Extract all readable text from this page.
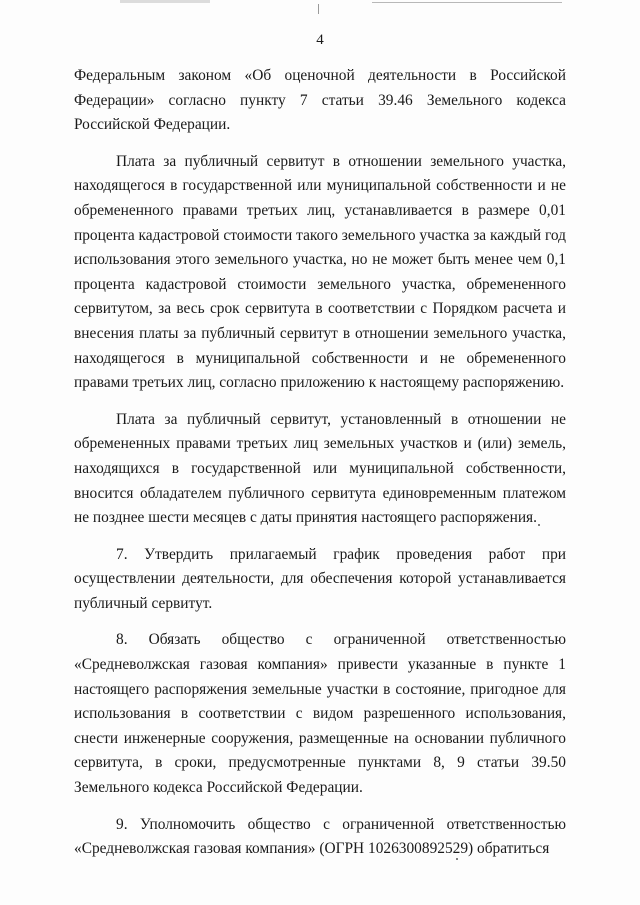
4

Федеральным законом «Об оценочной деятельности в Российской Федерации» согласно пункту 7 статьи 39.46 Земельного кодекса Российской Федерации.

Плата за публичный сервитут в отношении земельного участка, находящегося в государственной или муниципальной собственности и не обремененного правами третьих лиц, устанавливается в размере 0,01 процента кадастровой стоимости такого земельного участка за каждый год использования этого земельного участка, но не может быть менее чем 0,1 процента кадастровой стоимости земельного участка, обремененного сервитутом, за весь срок сервитута в соответствии с Порядком расчета и внесения платы за публичный сервитут в отношении земельного участка, находящегося в муниципальной собственности и не обремененного правами третьих лиц, согласно приложению к настоящему распоряжению.

Плата за публичный сервитут, установленный в отношении не обремененных правами третьих лиц земельных участков и (или) земель, находящихся в государственной или муниципальной собственности, вносится обладателем публичного сервитута единовременным платежом не позднее шести месяцев с даты принятия настоящего распоряжения.

7. Утвердить прилагаемый график проведения работ при осуществлении деятельности, для обеспечения которой устанавливается публичный сервитут.

8. Обязать общество с ограниченной ответственностью «Средневолжская газовая компания» привести указанные в пункте 1 настоящего распоряжения земельные участки в состояние, пригодное для использования в соответствии с видом разрешенного использования, снести инженерные сооружения, размещенные на основании публичного сервитута, в сроки, предусмотренные пунктами 8, 9 статьи 39.50 Земельного кодекса Российской Федерации.

9. Уполномочить общество с ограниченной ответственностью «Средневолжская газовая компания» (ОГРН 1026300892529) обратиться
